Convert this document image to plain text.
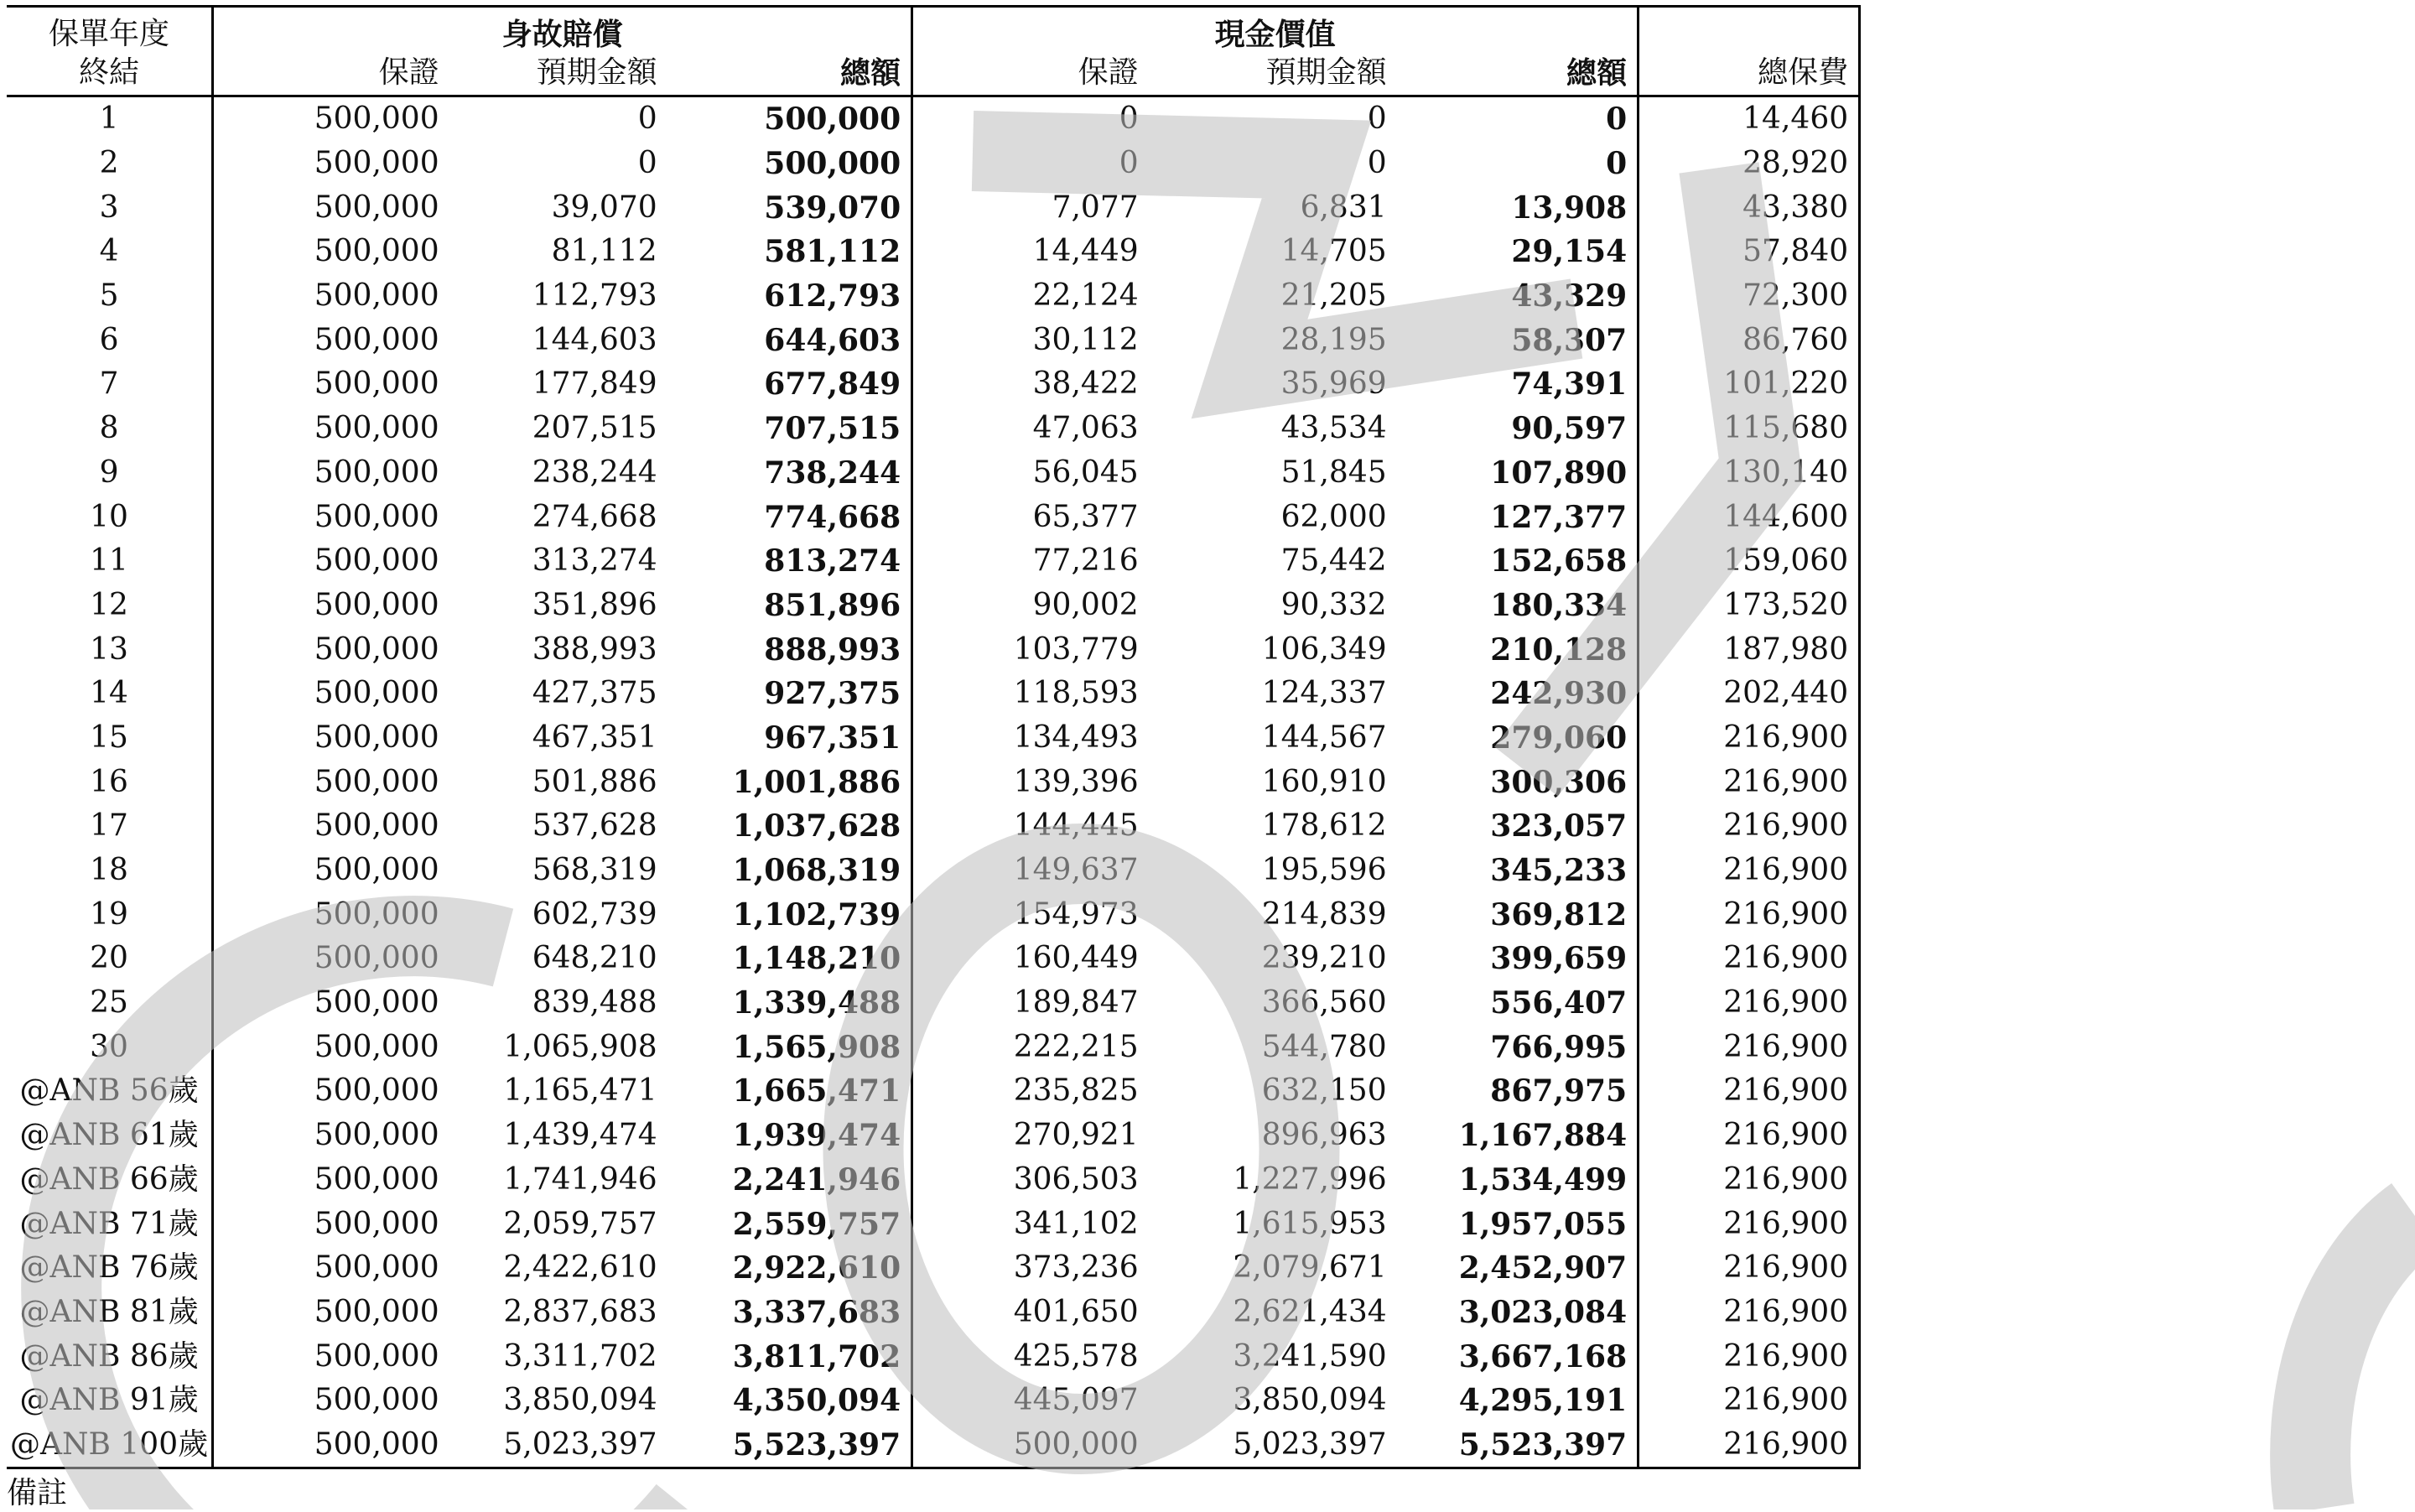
保單年度	身故賠償			現金價值			
終結	保證	預期金額	總額	保證	預期金額	總額	總保費
1	500,000	0	500,000	0	0	0	14,460
2	500,000	0	500,000	0	0	0	28,920
3	500,000	39,070	539,070	7,077	6,831	13,908	43,380
4	500,000	81,112	581,112	14,449	14,705	29,154	57,840
5	500,000	112,793	612,793	22,124	21,205	43,329	72,300
6	500,000	144,603	644,603	30,112	28,195	58,307	86,760
7	500,000	177,849	677,849	38,422	35,969	74,391	101,220
8	500,000	207,515	707,515	47,063	43,534	90,597	115,680
9	500,000	238,244	738,244	56,045	51,845	107,890	130,140
10	500,000	274,668	774,668	65,377	62,000	127,377	144,600
11	500,000	313,274	813,274	77,216	75,442	152,658	159,060
12	500,000	351,896	851,896	90,002	90,332	180,334	173,520
13	500,000	388,993	888,993	103,779	106,349	210,128	187,980
14	500,000	427,375	927,375	118,593	124,337	242,930	202,440
15	500,000	467,351	967,351	134,493	144,567	279,060	216,900
16	500,000	501,886	1,001,886	139,396	160,910	300,306	216,900
17	500,000	537,628	1,037,628	144,445	178,612	323,057	216,900
18	500,000	568,319	1,068,319	149,637	195,596	345,233	216,900
19	500,000	602,739	1,102,739	154,973	214,839	369,812	216,900
20	500,000	648,210	1,148,210	160,449	239,210	399,659	216,900
25	500,000	839,488	1,339,488	189,847	366,560	556,407	216,900
30	500,000	1,065,908	1,565,908	222,215	544,780	766,995	216,900
@ANB 56歲	500,000	1,165,471	1,665,471	235,825	632,150	867,975	216,900
@ANB 61歲	500,000	1,439,474	1,939,474	270,921	896,963	1,167,884	216,900
@ANB 66歲	500,000	1,741,946	2,241,946	306,503	1,227,996	1,534,499	216,900
@ANB 71歲	500,000	2,059,757	2,559,757	341,102	1,615,953	1,957,055	216,900
@ANB 76歲	500,000	2,422,610	2,922,610	373,236	2,079,671	2,452,907	216,900
@ANB 81歲	500,000	2,837,683	3,337,683	401,650	2,621,434	3,023,084	216,900
@ANB 86歲	500,000	3,311,702	3,811,702	425,578	3,241,590	3,667,168	216,900
@ANB 91歲	500,000	3,850,094	4,350,094	445,097	3,850,094	4,295,191	216,900
@ANB 100歲	500,000	5,023,397	5,523,397	500,000	5,023,397	5,523,397	216,900
備註
